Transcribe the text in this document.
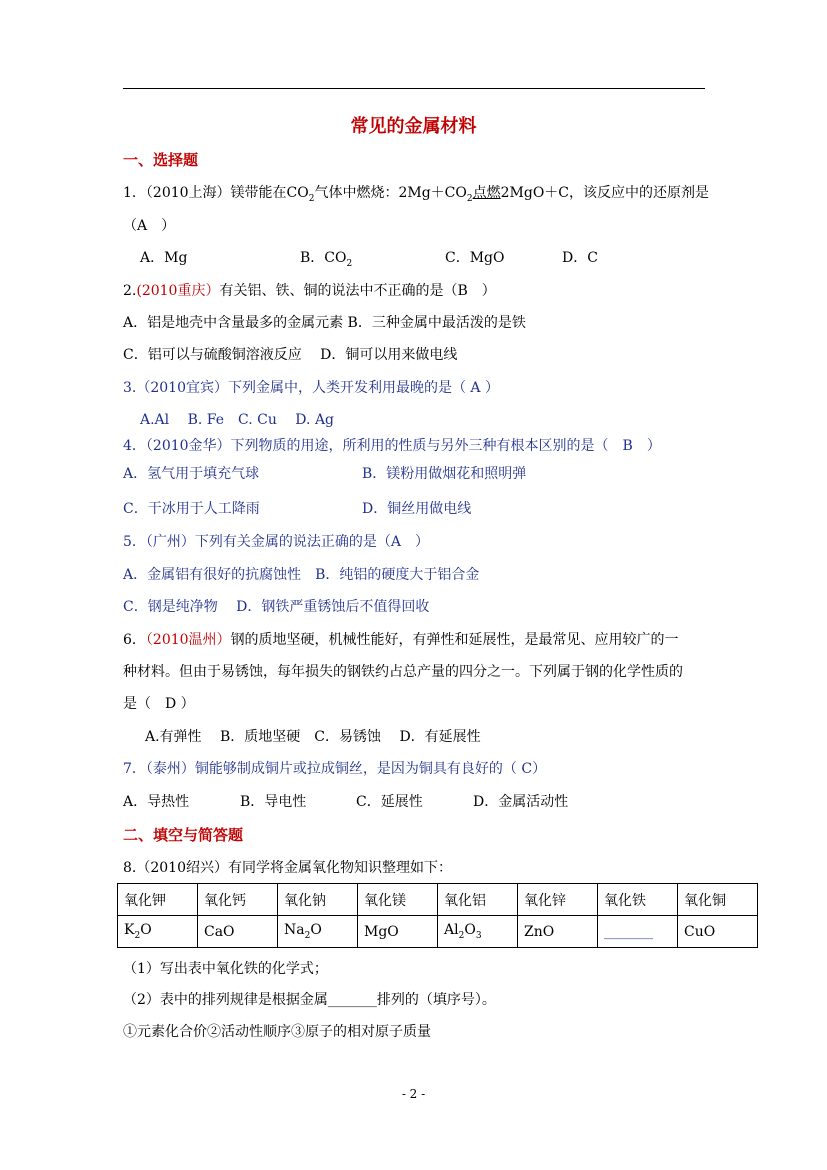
常见的金属材料
一、选择题
1．（2010上海）镁带能在$CO_2$气体中燃烧：$2Mg+CO_2$点燃2MgO＋C，该反应中的还原剂是
（A　）
A．Mg	B．$CO_2$	C．MgO	D．C
2.(2010重庆）有关铝、铁、铜的说法中不正确的是（B　）
A．铝是地壳中含量最多的金属元素 B．三种金属中最活泼的是铁
C．铝可以与硫酸铜溶液反应　 D．铜可以用来做电线
3.（2010宜宾）下列金属中，人类开发利用最晚的是（ A ）
A.Al　 B. Fe　C. Cu　 D. Ag
4．（2010金华）下列物质的用途，所利用的性质与另外三种有根本区别的是（　B　）
A．氢气用于填充气球	B．镁粉用做烟花和照明弹
C．干冰用于人工降雨	D．铜丝用做电线
5．（广州）下列有关金属的说法正确的是（A　）
A．金属铝有很好的抗腐蚀性　B．纯铝的硬度大于铝合金
C．钢是纯净物　 D．钢铁严重锈蚀后不值得回收
6．（2010温州）钢的质地坚硬，机械性能好，有弹性和延展性，是最常见、应用较广的一
种材料。但由于易锈蚀，每年损失的钢铁约占总产量的四分之一。下列属于钢的化学性质的
是（　D ）
A.有弹性　 B．质地坚硬　C．易锈蚀　 D．有延展性
7．（泰州）铜能够制成铜片或拉成铜丝，是因为铜具有良好的（ C）
A．导热性	B．导电性	C．延展性	D．金属活动性
二、填空与简答题
8.（2010绍兴）有同学将金属氧化物知识整理如下：
氧化钾	氧化钙	氧化钠	氧化镁	氧化铝	氧化锌	氧化铁	氧化铜
$K_2O$	CaO	$Na_2O$	MgO	$Al_2O_3$	ZnO	_______	CuO
（1）写出表中氧化铁的化学式；
（2）表中的排列规律是根据金属_______排列的（填序号）。
①元素化合价②活动性顺序③原子的相对原子质量
- 2 -
